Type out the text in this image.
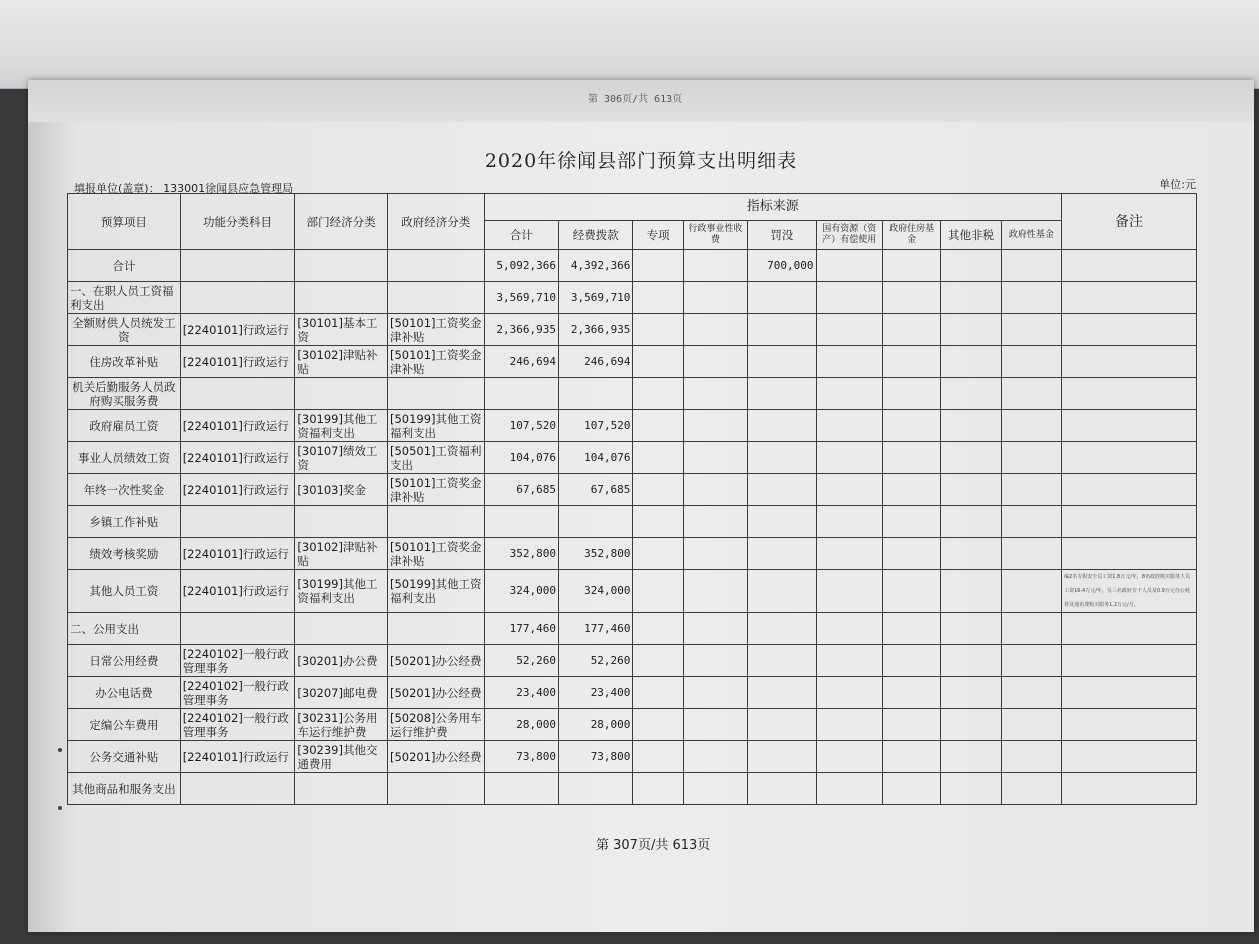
第 306页/共 613页
2020年徐闻县部门预算支出明细表
填报单位(盖章)： 133001徐闻县应急管理局	单位:元
预算项目	功能分类科目	部门经济分类	政府经济分类	指标来源									备注
				合计	经费拨款	专项	行政事业性收费	罚没	国有资源（资产）有偿使用	政府住房基金	其他非税	政府性基金	
合计				5,092,366	4,392,366			700,000					
一、在职人员工资福利支出				3,569,710	3,569,710								
全额财供人员统发工资	[2240101]行政运行	[30101]基本工资	[50101]工资奖金津补贴	2,366,935	2,366,935								
住房改革补贴	[2240101]行政运行	[30102]津贴补贴	[50101]工资奖金津补贴	246,694	246,694								
机关后勤服务人员政府购买服务费													
政府雇员工资	[2240101]行政运行	[30199]其他工资福利支出	[50199]其他工资福利支出	107,520	107,520								
事业人员绩效工资	[2240101]行政运行	[30107]绩效工资	[50501]工资福利支出	104,076	104,076								
年终一次性奖金	[2240101]行政运行	[30103]奖金	[50101]工资奖金津补贴	67,685	67,685								
乡镇工作补贴													
绩效考核奖励	[2240101]行政运行	[30102]津贴补贴	[50101]工资奖金津补贴	352,800	352,800								
其他人员工资	[2240101]行政运行	[30199]其他工资福利支出	[50199]其他工资福利支出	324,000	324,000								编2名专职安全员工资1.8万元/年，8名政府购买服务人员工资16.4万元/年，另三名政府专干人员及0.9万元办公耗材及通讯费购买服务1.2万元/月。
二、公用支出				177,460	177,460								
日常公用经费	[2240102]一般行政管理事务	[30201]办公费	[50201]办公经费	52,260	52,260								
办公电话费	[2240102]一般行政管理事务	[30207]邮电费	[50201]办公经费	23,400	23,400								
定编公车费用	[2240102]一般行政管理事务	[30231]公务用车运行维护费	[50208]公务用车运行维护费	28,000	28,000								
公务交通补贴	[2240101]行政运行	[30239]其他交通费用	[50201]办公经费	73,800	73,800								
其他商品和服务支出													
第 307页/共 613页
